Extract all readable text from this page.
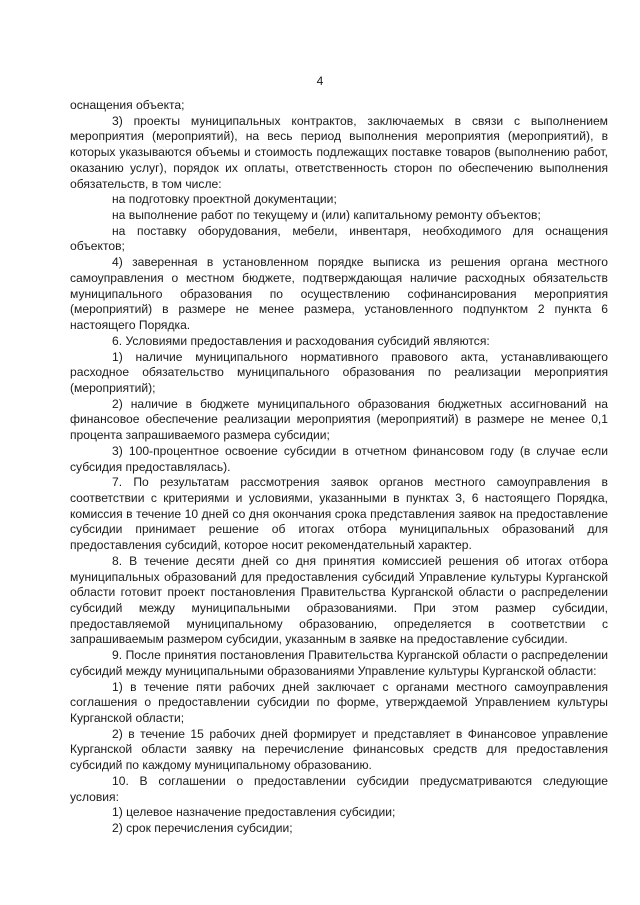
4

оснащения объекта;

3) проекты муниципальных контрактов, заключаемых в связи с выполнением мероприятия (мероприятий), на весь период выполнения мероприятия (мероприятий), в которых указываются объемы и стоимость подлежащих поставке товаров (выполнению работ, оказанию услуг), порядок их оплаты, ответственность сторон по обеспечению выполнения обязательств, в том числе:

на подготовку проектной документации;

на выполнение работ по текущему и (или) капитальному ремонту объектов;

на поставку оборудования, мебели, инвентаря, необходимого для оснащения объектов;

4) заверенная в установленном порядке выписка из решения органа местного самоуправления о местном бюджете, подтверждающая наличие расходных обязательств муниципального образования по осуществлению софинансирования мероприятия (мероприятий) в размере не менее размера, установленного подпунктом 2 пункта 6 настоящего Порядка.

6. Условиями предоставления и расходования субсидий являются:

1) наличие муниципального нормативного правового акта, устанавливающего расходное обязательство муниципального образования по реализации мероприятия (мероприятий);

2) наличие в бюджете муниципального образования бюджетных ассигнований на финансовое обеспечение реализации мероприятия (мероприятий) в размере не менее 0,1 процента запрашиваемого размера субсидии;

3) 100-процентное освоение субсидии в отчетном финансовом году (в случае если субсидия предоставлялась).

7. По результатам рассмотрения заявок органов местного самоуправления в соответствии с критериями и условиями, указанными в пунктах 3, 6 настоящего Порядка, комиссия в течение 10 дней со дня окончания срока представления заявок на предоставление субсидии принимает решение об итогах отбора муниципальных образований для предоставления субсидий, которое носит рекомендательный характер.

8. В течение десяти дней со дня принятия комиссией решения об итогах отбора муниципальных образований для предоставления субсидий Управление культуры Курганской области готовит проект постановления Правительства Курганской области о распределении субсидий между муниципальными образованиями. При этом размер субсидии, предоставляемой муниципальному образованию, определяется в соответствии с запрашиваемым размером субсидии, указанным в заявке на предоставление субсидии.

9. После принятия постановления Правительства Курганской области о распределении субсидий между муниципальными образованиями Управление культуры Курганской области:

1) в течение пяти рабочих дней заключает с органами местного самоуправления соглашения о предоставлении субсидии по форме, утверждаемой Управлением культуры Курганской области;

2) в течение 15 рабочих дней формирует и представляет в Финансовое управление Курганской области заявку на перечисление финансовых средств для предоставления субсидий по каждому муниципальному образованию.

10. В соглашении о предоставлении субсидии предусматриваются следующие условия:

1) целевое назначение предоставления субсидии;

2) срок перечисления субсидии;
